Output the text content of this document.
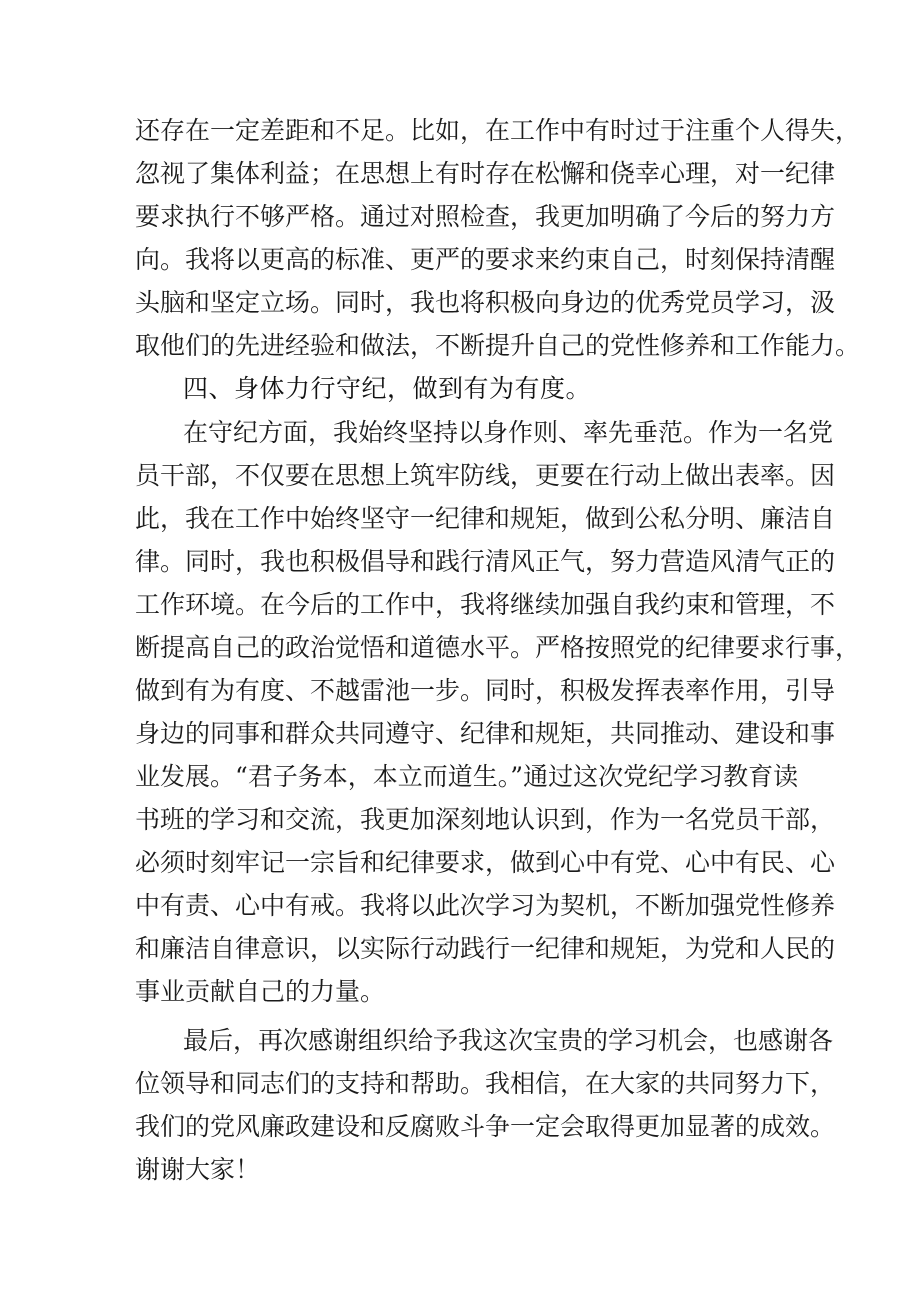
还存在一定差距和不足。比如，在工作中有时过于注重个人得失，
忽视了集体利益；在思想上有时存在松懈和侥幸心理，对一纪律
要求执行不够严格。通过对照检查，我更加明确了今后的努力方
向。我将以更高的标准、更严的要求来约束自己，时刻保持清醒
头脑和坚定立场。同时，我也将积极向身边的优秀党员学习，汲
取他们的先进经验和做法，不断提升自己的党性修养和工作能力。
四、身体力行守纪，做到有为有度。
在守纪方面，我始终坚持以身作则、率先垂范。作为一名党
员干部，不仅要在思想上筑牢防线，更要在行动上做出表率。因
此，我在工作中始终坚守一纪律和规矩，做到公私分明、廉洁自
律。同时，我也积极倡导和践行清风正气，努力营造风清气正的
工作环境。在今后的工作中，我将继续加强自我约束和管理，不
断提高自己的政治觉悟和道德水平。严格按照党的纪律要求行事，
做到有为有度、不越雷池一步。同时，积极发挥表率作用，引导
身边的同事和群众共同遵守、纪律和规矩，共同推动、建设和事
业发展。“君子务本，本立而道生。”通过这次党纪学习教育读
书班的学习和交流，我更加深刻地认识到，作为一名党员干部，
必须时刻牢记一宗旨和纪律要求，做到心中有党、心中有民、心
中有责、心中有戒。我将以此次学习为契机，不断加强党性修养
和廉洁自律意识，以实际行动践行一纪律和规矩，为党和人民的
事业贡献自己的力量。
最后，再次感谢组织给予我这次宝贵的学习机会，也感谢各
位领导和同志们的支持和帮助。我相信，在大家的共同努力下，
我们的党风廉政建设和反腐败斗争一定会取得更加显著的成效。
谢谢大家！
